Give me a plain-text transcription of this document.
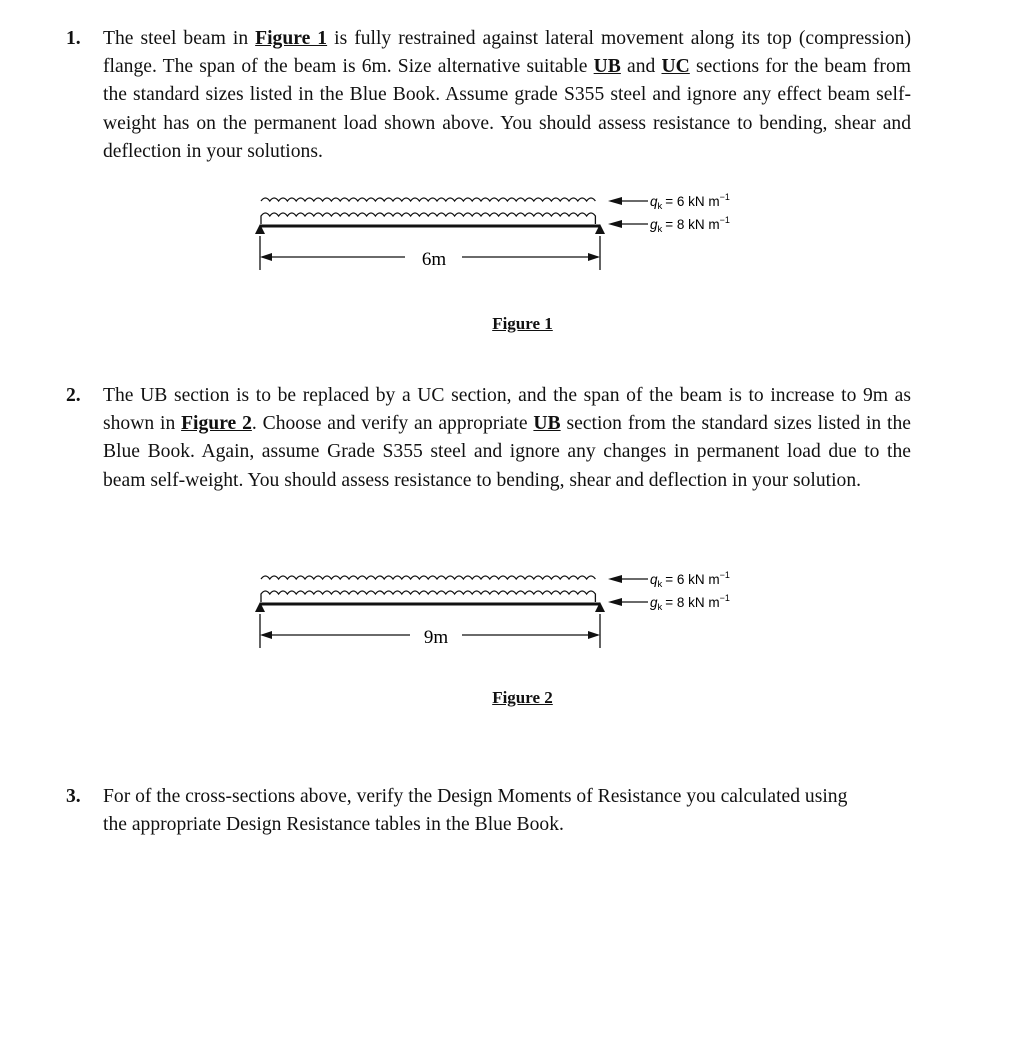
1. The steel beam in Figure 1 is fully restrained against lateral movement along its top (compression) flange. The span of the beam is 6m. Size alternative suitable UB and UC sections for the beam from the standard sizes listed in the Blue Book. Assume grade S355 steel and ignore any effect beam self-weight has on the permanent load shown above. You should assess resistance to bending, shear and deflection in your solutions.
6m
$q_k = 6$ kN $m^{-1}$
$g_k = 8$ kN $m^{-1}$
Figure 1
2. The UB section is to be replaced by a UC section, and the span of the beam is to increase to 9m as shown in Figure 2. Choose and verify an appropriate UB section from the standard sizes listed in the Blue Book. Again, assume Grade S355 steel and ignore any changes in permanent load due to the beam self-weight. You should assess resistance to bending, shear and deflection in your solution.
9m
$q_k = 6$ kN $m^{-1}$
$g_k = 8$ kN $m^{-1}$
Figure 2
3. For of the cross-sections above, verify the Design Moments of Resistance you calculated using the appropriate Design Resistance tables in the Blue Book.
